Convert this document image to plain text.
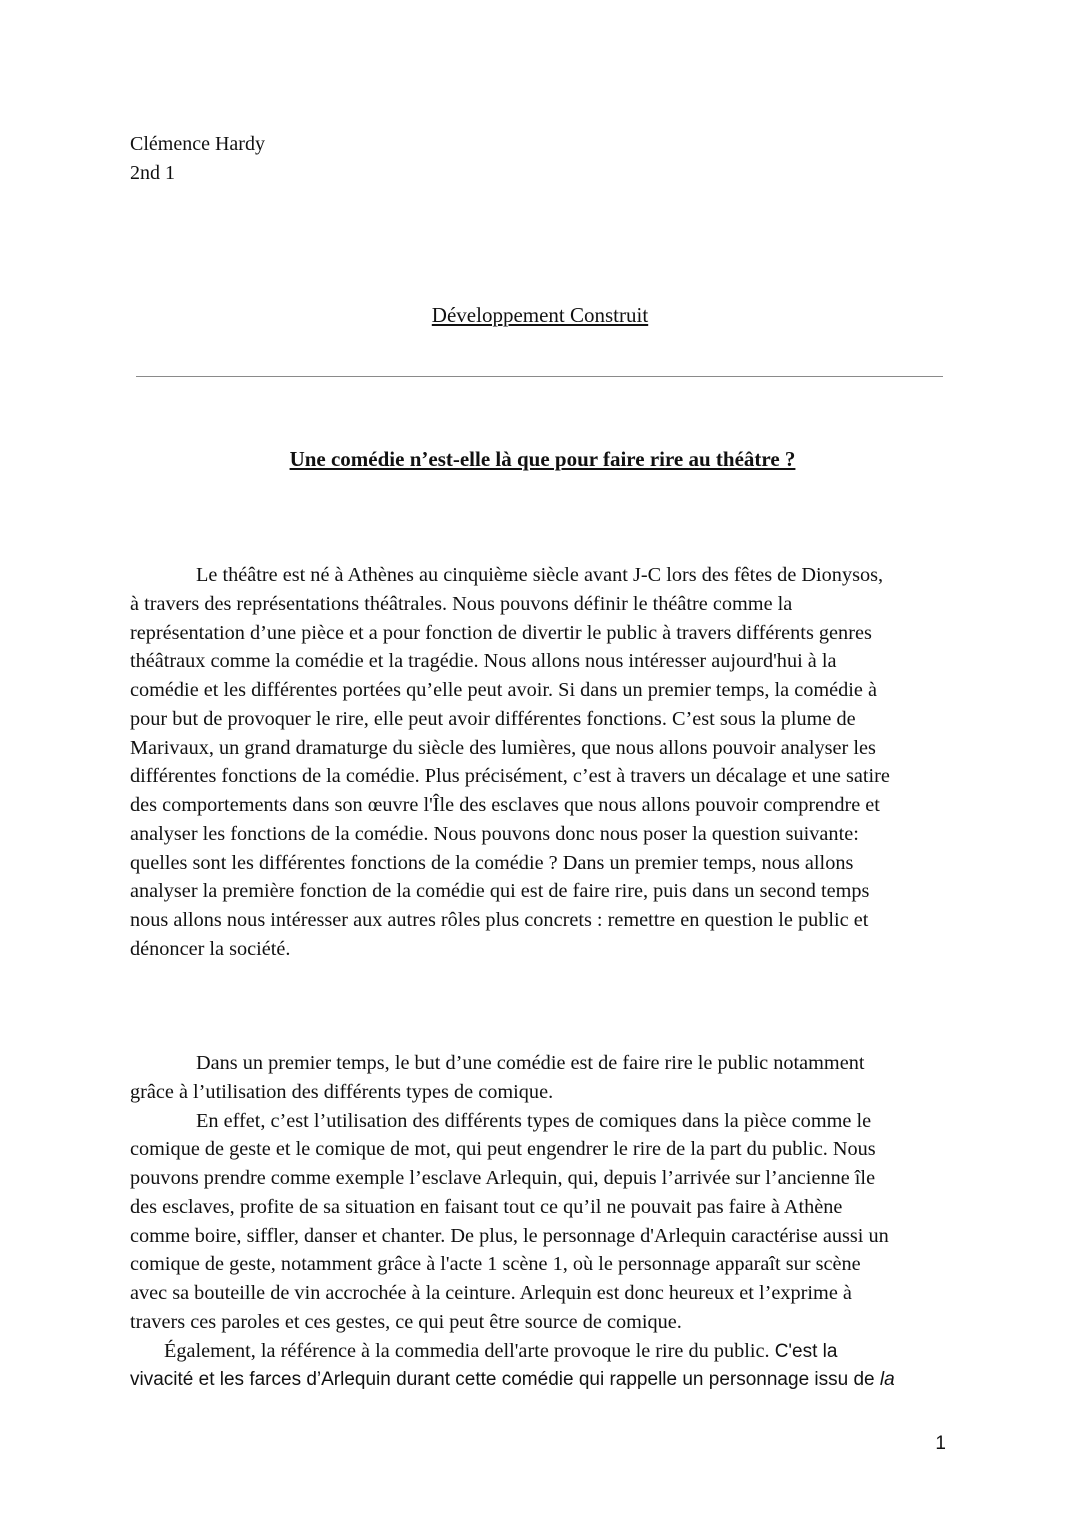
Clémence Hardy
2nd 1
Développement Construit
Une comédie n’est-elle là que pour faire rire au théâtre ?
Le théâtre est né à Athènes au cinquième siècle avant J-C lors des fêtes de Dionysos,
à travers des représentations théâtrales. Nous pouvons définir le théâtre comme la
représentation d’une pièce et a pour fonction de divertir le public à travers différents genres
théâtraux comme la comédie et la tragédie. Nous allons nous intéresser aujourd'hui à la
comédie et les différentes portées qu’elle peut avoir. Si dans un premier temps, la comédie à
pour but de provoquer le rire, elle peut avoir différentes fonctions. C’est sous la plume de
Marivaux, un grand dramaturge du siècle des lumières, que nous allons pouvoir analyser les
différentes fonctions de la comédie. Plus précisément, c’est à travers un décalage et une satire
des comportements dans son œuvre l'Île des esclaves que nous allons pouvoir comprendre et
analyser les fonctions de la comédie. Nous pouvons donc nous poser la question suivante:
quelles sont les différentes fonctions de la comédie ? Dans un premier temps, nous allons
analyser la première fonction de la comédie qui est de faire rire, puis dans un second temps
nous allons nous intéresser aux autres rôles plus concrets : remettre en question le public et
dénoncer la société.
Dans un premier temps, le but d’une comédie est de faire rire le public notamment
grâce à l’utilisation des différents types de comique.
En effet, c’est l’utilisation des différents types de comiques dans la pièce comme le
comique de geste et le comique de mot, qui peut engendrer le rire de la part du public. Nous
pouvons prendre comme exemple l’esclave Arlequin, qui, depuis l’arrivée sur l’ancienne île
des esclaves, profite de sa situation en faisant tout ce qu’il ne pouvait pas faire à Athène
comme boire, siffler, danser et chanter. De plus, le personnage d'Arlequin caractérise aussi un
comique de geste, notamment grâce à l'acte 1 scène 1, où le personnage apparaît sur scène
avec sa bouteille de vin accrochée à la ceinture. Arlequin est donc heureux et l’exprime à
travers ces paroles et ces gestes, ce qui peut être source de comique.
Également, la référence à la commedia dell'arte provoque le rire du public. C'est la
vivacité et les farces d’Arlequin durant cette comédie qui rappelle un personnage issu de la
1
